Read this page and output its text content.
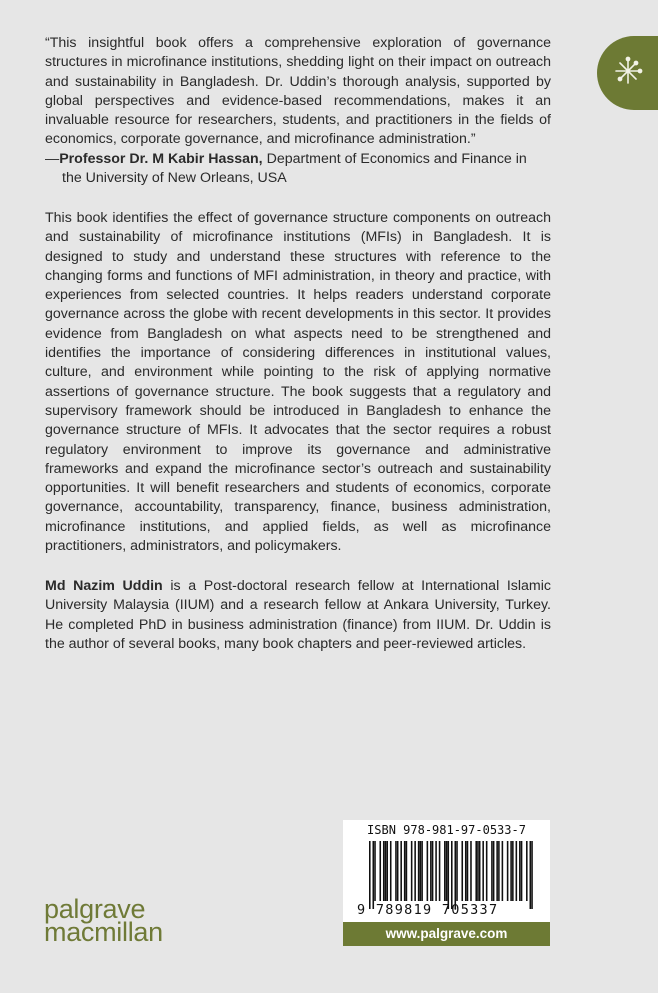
“This insightful book offers a comprehensive exploration of governance structures in microfinance institutions, shedding light on their impact on outreach and sustainability in Bangladesh. Dr. Uddin’s thorough analysis, supported by global perspectives and evidence-based recommendations, makes it an invaluable resource for researchers, students, and practitioners in the fields of economics, corporate governance, and microfinance administration.”

—Professor Dr. M Kabir Hassan, Department of Economics and Finance in
the University of New Orleans, USA

This book identifies the effect of governance structure components on outreach and sustainability of microfinance institutions (MFIs) in Bangladesh. It is designed to study and understand these structures with reference to the changing forms and functions of MFI administration, in theory and practice, with experiences from selected countries. It helps readers understand corporate governance across the globe with recent developments in this sector. It provides evidence from Bangladesh on what aspects need to be strengthened and identifies the importance of considering differences in institutional values, culture, and environment while pointing to the risk of applying normative assertions of governance structure. The book suggests that a regulatory and supervisory framework should be introduced in Bangladesh to enhance the governance structure of MFIs. It advocates that the sector requires a robust regulatory environment to improve its governance and administrative frameworks and expand the microfinance sector’s outreach and sustainability opportunities. It will benefit researchers and students of economics, corporate governance, accountability, transparency, finance, business administration, microfinance institutions, and applied fields, as well as microfinance practitioners, administrators, and policymakers.

Md Nazim Uddin is a Post-doctoral research fellow at International Islamic University Malaysia (IIUM) and a research fellow at Ankara University, Turkey. He completed PhD in business administration (finance) from IIUM. Dr. Uddin is the author of several books, many book chapters and peer-reviewed articles.

palgrave
macmillan
ISBN 978-981-97-0533-7
9 789819 705337
www.palgrave.com
